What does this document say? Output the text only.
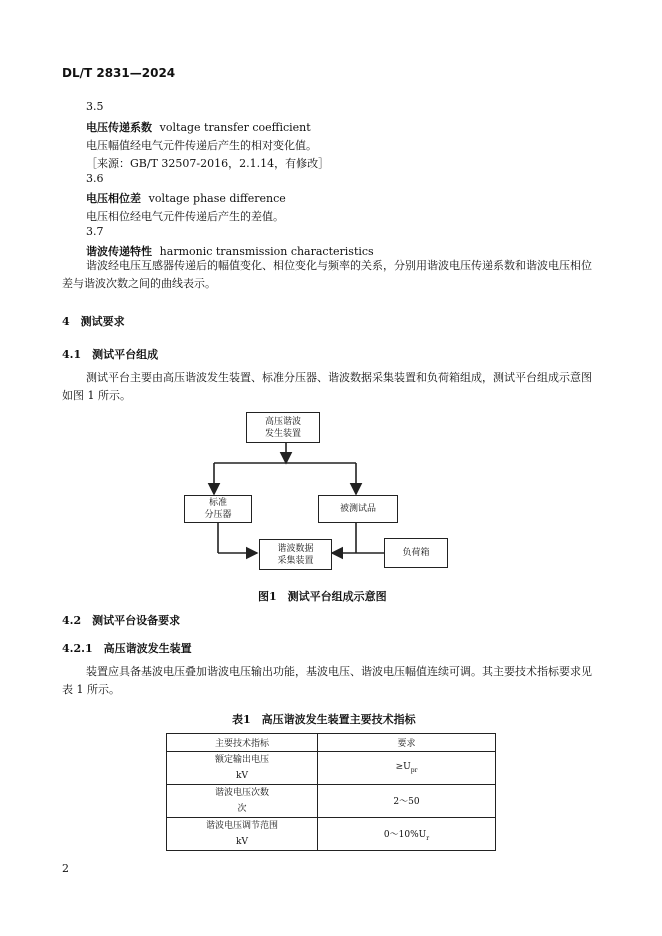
DL/T 2831—2024
3.5
电压传递系数 voltage transfer coefficient
电压幅值经电气元件传递后产生的相对变化值。
［来源：GB/T 32507-2016，2.1.14，有修改］
3.6
电压相位差 voltage phase difference
电压相位经电气元件传递后产生的差值。
3.7
谐波传递特性 harmonic transmission characteristics
谐波经电压互感器传递后的幅值变化、相位变化与频率的关系，分别用谐波电压传递系数和谐波电压相位差与谐波次数之间的曲线表示。
4　测试要求
4.1　测试平台组成
测试平台主要由高压谐波发生装置、标准分压器、谐波数据采集装置和负荷箱组成，测试平台组成示意图如图 1 所示。
高压谐波
发生装置
标准
分压器
被测试品
谐波数据
采集装置
负荷箱
图1　测试平台组成示意图
4.2　测试平台设备要求
4.2.1　高压谐波发生装置
装置应具备基波电压叠加谐波电压输出功能，基波电压、谐波电压幅值连续可调。其主要技术指标要求见表 1 所示。
表1　高压谐波发生装置主要技术指标
主要技术指标	要求

额定输出电压
kV	$\ge U_{pr}$

谐波电压次数
次	2～50

谐波电压调节范围
kV	$0\sim 10\%U_r$
2
